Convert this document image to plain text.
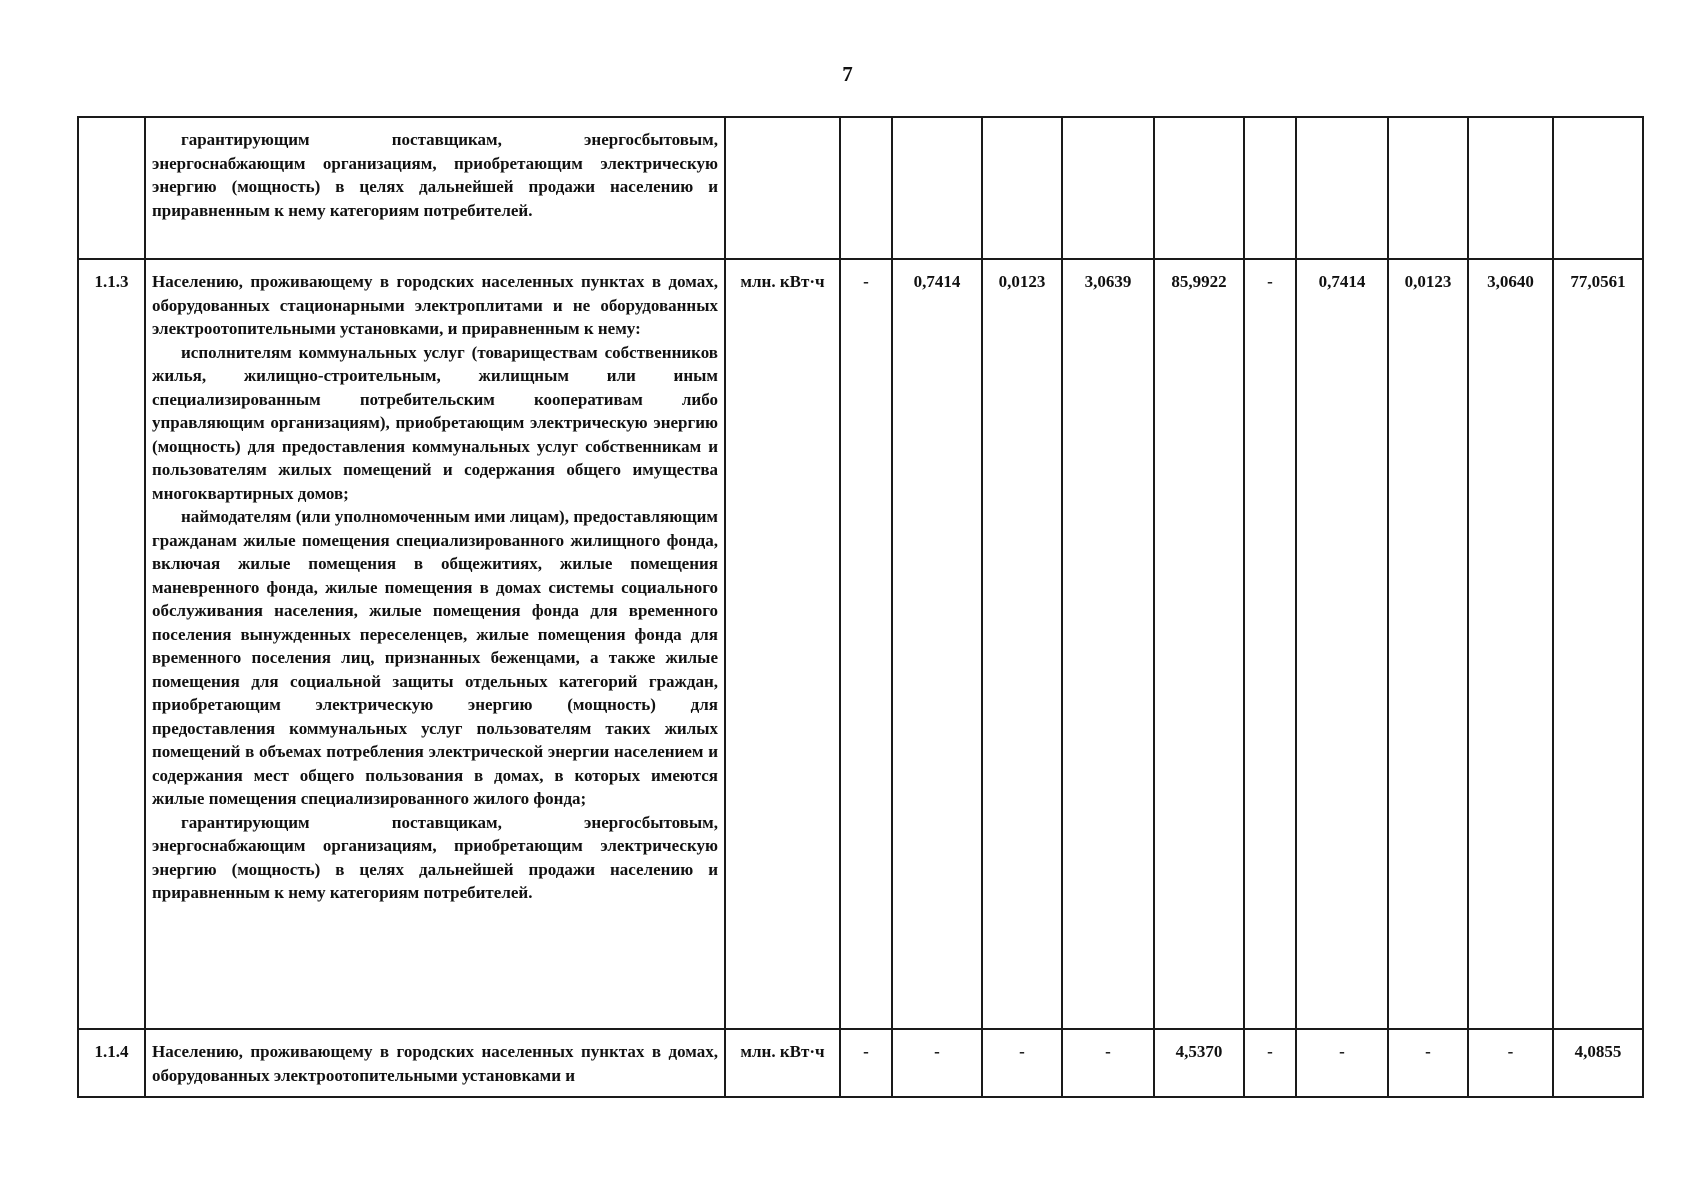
7

	гарантирующим поставщикам, энергосбытовым, энергоснабжающим организациям, приобретающим электрическую энергию (мощность) в целях дальнейшей продажи населению и приравненным к нему категориям потребителей.											

1.1.3	Населению, проживающему в городских населенных пунктах в домах, оборудованных стационарными электроплитами и не оборудованных электроотопительными установками, и приравненным к нему:
исполнителям коммунальных услуг (товариществам собственников жилья, жилищно-строительным, жилищным или иным специализированным потребительским кооперативам либо управляющим организациям), приобретающим электрическую энергию (мощность) для предоставления коммунальных услуг собственникам и пользователям жилых помещений и содержания общего имущества многоквартирных домов;
наймодателям (или уполномоченным ими лицам), предоставляющим гражданам жилые помещения специализированного жилищного фонда, включая жилые помещения в общежитиях, жилые помещения маневренного фонда, жилые помещения в домах системы социального обслуживания населения, жилые помещения фонда для временного поселения вынужденных переселенцев, жилые помещения фонда для временного поселения лиц, признанных беженцами, а также жилые помещения для социальной защиты отдельных категорий граждан, приобретающим электрическую энергию (мощность) для предоставления коммунальных услуг пользователям таких жилых помещений в объемах потребления электрической энергии населением и содержания мест общего пользования в домах, в которых имеются жилые помещения специализированного жилого фонда;
гарантирующим поставщикам, энергосбытовым, энергоснабжающим организациям, приобретающим электрическую энергию (мощность) в целях дальнейшей продажи населению и приравненным к нему категориям потребителей.	млн. кВт·ч	-	0,7414	0,0123	3,0639	85,9922	-	0,7414	0,0123	3,0640	77,0561
1.1.4	Населению, проживающему в городских населенных пунктах в домах, оборудованных электроотопительными установками и	млн. кВт·ч	-	-	-	-	4,5370	-	-	-	-	4,0855
